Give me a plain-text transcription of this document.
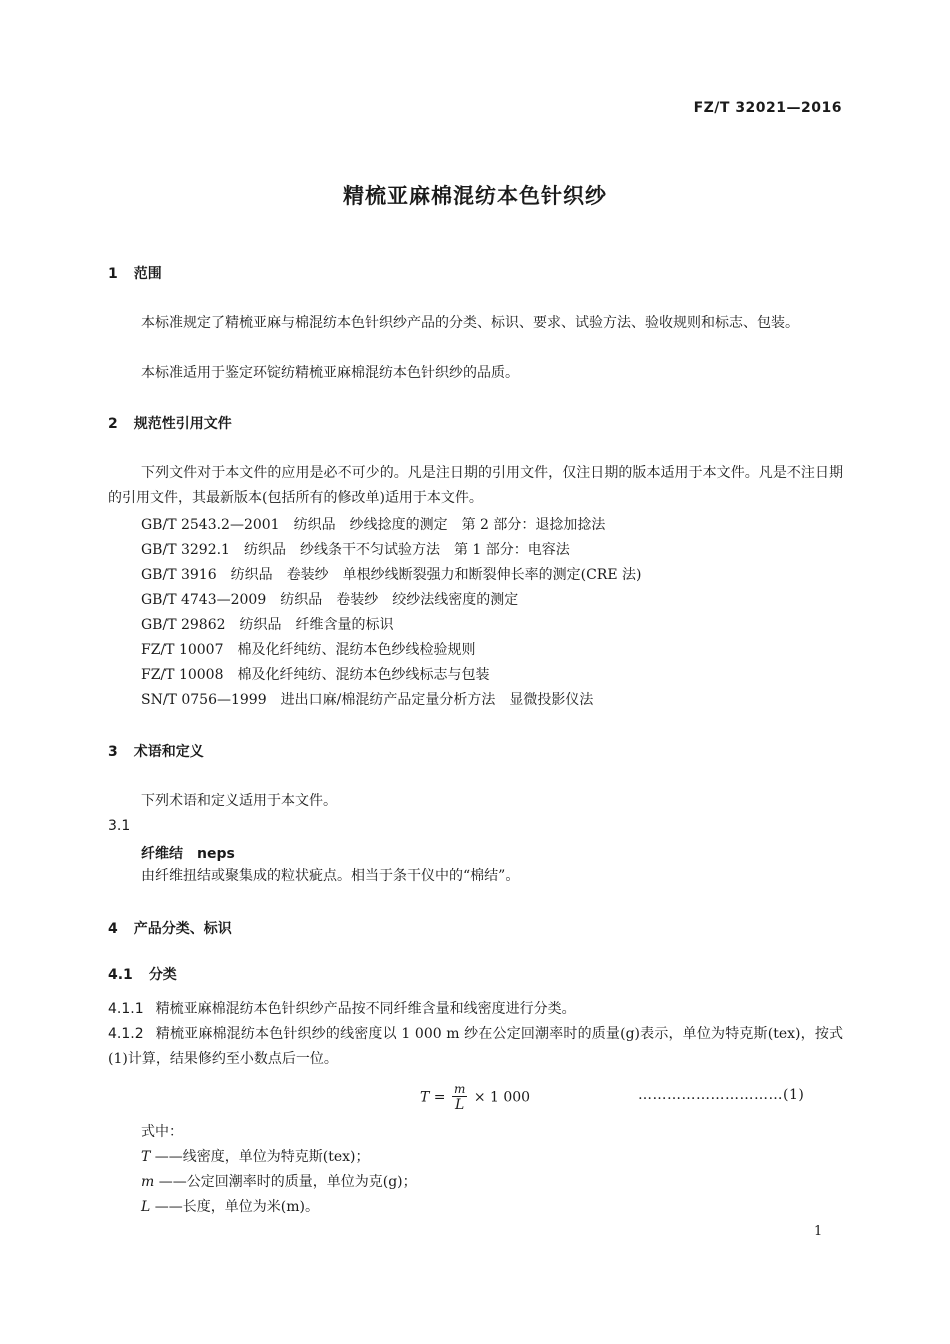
FZ/T 32021—2016
精梳亚麻棉混纺本色针织纱
1 范围
本标准规定了精梳亚麻与棉混纺本色针织纱产品的分类、标识、要求、试验方法、验收规则和标志、包装。
本标准适用于鉴定环锭纺精梳亚麻棉混纺本色针织纱的品质。
2 规范性引用文件
下列文件对于本文件的应用是必不可少的。凡是注日期的引用文件，仅注日期的版本适用于本文件。凡是不注日期的引用文件，其最新版本(包括所有的修改单)适用于本文件。
GB/T 2543.2—2001　纺织品　纱线捻度的测定　第 2 部分：退捻加捻法
GB/T 3292.1　纺织品　纱线条干不匀试验方法　第 1 部分：电容法
GB/T 3916　纺织品　卷装纱　单根纱线断裂强力和断裂伸长率的测定(CRE 法)
GB/T 4743—2009　纺织品　卷装纱　绞纱法线密度的测定
GB/T 29862　纺织品　纤维含量的标识
FZ/T 10007　棉及化纤纯纺、混纺本色纱线检验规则
FZ/T 10008　棉及化纤纯纺、混纺本色纱线标志与包装
SN/T 0756—1999　进出口麻/棉混纺产品定量分析方法　显微投影仪法
3 术语和定义
下列术语和定义适用于本文件。
3.1
纤维结　neps
由纤维扭结或聚集成的粒状疵点。相当于条干仪中的“棉结”。
4 产品分类、标识
4.1 分类
4.1.1 精梳亚麻棉混纺本色针织纱产品按不同纤维含量和线密度进行分类。
4.1.2 精梳亚麻棉混纺本色针织纱的线密度以 1 000 m 纱在公定回潮率时的质量(g)表示，单位为特克斯(tex)，按式(1)计算，结果修约至小数点后一位。
$T = \frac{m}{L} \times 1$ 000	…………………………(1)
式中：
T ——线密度，单位为特克斯(tex)；
m ——公定回潮率时的质量，单位为克(g)；
L ——长度，单位为米(m)。
1
